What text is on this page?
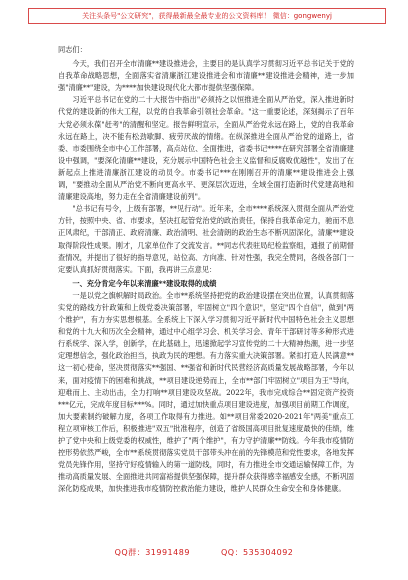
关注头条号"公文研究"，获得最新最全最专业的公文资料库！ 微信：gongwenyj

同志们：

今天，我们召开全市清廉**建设推进会，主要目的是认真学习贯彻习近平总书记关于党的自我革命战略思想，全面落实省清廉浙江建设推进会和市清廉**建设推进会精神，进一步加强"清廉**"建设，为****加快建设现代化大都市提供坚强保障。

习近平总书记在党的二十大报告中指出"必须持之以恒推进全面从严治党，深入推进新时代党的建设新的伟大工程，以党的自我革命引领社会革命。"这一重要论述，深刻揭示了百年大党必须永葆"赶考"的清醒和坚定。报告鲜明宣示，全面从严治党永远在路上，党的自我革命永远在路上，决不能有松劲歇脚、疲劳厌战的情绪。在纵深推进全面从严治党的道路上，省委、市委围绕全市中心工作部署，高点站位、全面推进，省委书记****在研究部署全省清廉建设中强调，"要深化清廉**建设，充分展示中国特色社会主义监督和反腐败优越性"，发出了在新起点上推进清廉浙江建设的动员令。市委书记***在刚刚召开的清廉**建设推进会上强调，"要推动全面从严治党不断向更高水平、更深层次迈进，全域全面打造新时代党建高地和清廉建设高地，努力走在全省清廉建设前列"。

"总书记有号令，上级有部署，**见行动"。近年来，全市****系统深入贯彻全面从严治党方针，按照中央、省、市要求，坚决扛起管党治党的政治责任，保持自我革命定力，驰而不息正风肃纪，干部清正、政府清廉、政治清明、社会清朗的政治生态不断巩固深化，清廉**建设取得阶段性成果。刚才，几家单位作了交流发言。**同志代表驻局纪检监察组，通报了前期督查情况，并提出了很好的指导意见，站位高、方向准、针对性强，我完全赞同，各级各部门一定要认真抓好贯彻落实。下面，我再讲三点意见：

一、充分肯定今年以来清廉**建设取得的成绩

一是以党之旗帜解时局政治。全市**系统坚持把党的政治建设摆在突出位置，认真贯彻落实党的路线方针政策和上级党委决策部署，牢固树立"四个意识"，坚定"四个自信"，做到"两个维护"，有力夯实思想根基。全系统上下深入学习贯彻习近平新时代中国特色社会主义思想和党的十九大和历次全会精神，通过中心组学习会、机关学习会、青年干部研讨等多种形式进行系统学、深入学，创新学，在此基础上，迅速掀起学习宣传党的二十大精神热潮，进一步坚定理想信念，强化政治担当，执政为民的理想。有力落实重大决策部署。紧扣打造人民满意**这一初心使命，坚决贯彻落实**强国、**强省和新时代民营经济高质量发展战略部署，今年以来，面对疫情下的困难和挑战，**项目建设逆势而上，全市**部门牢固树立"项目为王"导向，迎难而上、主动出击，全力打响**项目建设攻坚战。2022年，我市完成综合**固定资产投资***亿元，完成年度目标***%。同时，通过加快重点项目建设进度，加强项目前期工作调度，加大要素制约破解力度，各项工作取得有力推进。如**项目常委2020-2021年"两美"重点工程立项审核工作后，积极推进"双五"批准程序，创造了省级国高项目批复速度最快的佳绩，维护了党中央和上级党委的权威性，维护了"两个维护"，有力守护清廉**防线。今年我市疫情防控形势依然严峻，全市**系统贯彻落实党员干部带头冲在前的先锋模范和党性要求，各地发挥党员先锋作用，坚持守好疫情输入的第一道防线，同时，有力推进全市交通运输保障工作，为推动高质量发展、全面推进共同富裕提供坚强保障，提升群众获得感幸福感安全感，不断巩固深化防疫成果，加快推进我市疫情防控救治能力建设，维护人民群众生命安全和身体健康。

QQ群：31991489	QQ：535304092
